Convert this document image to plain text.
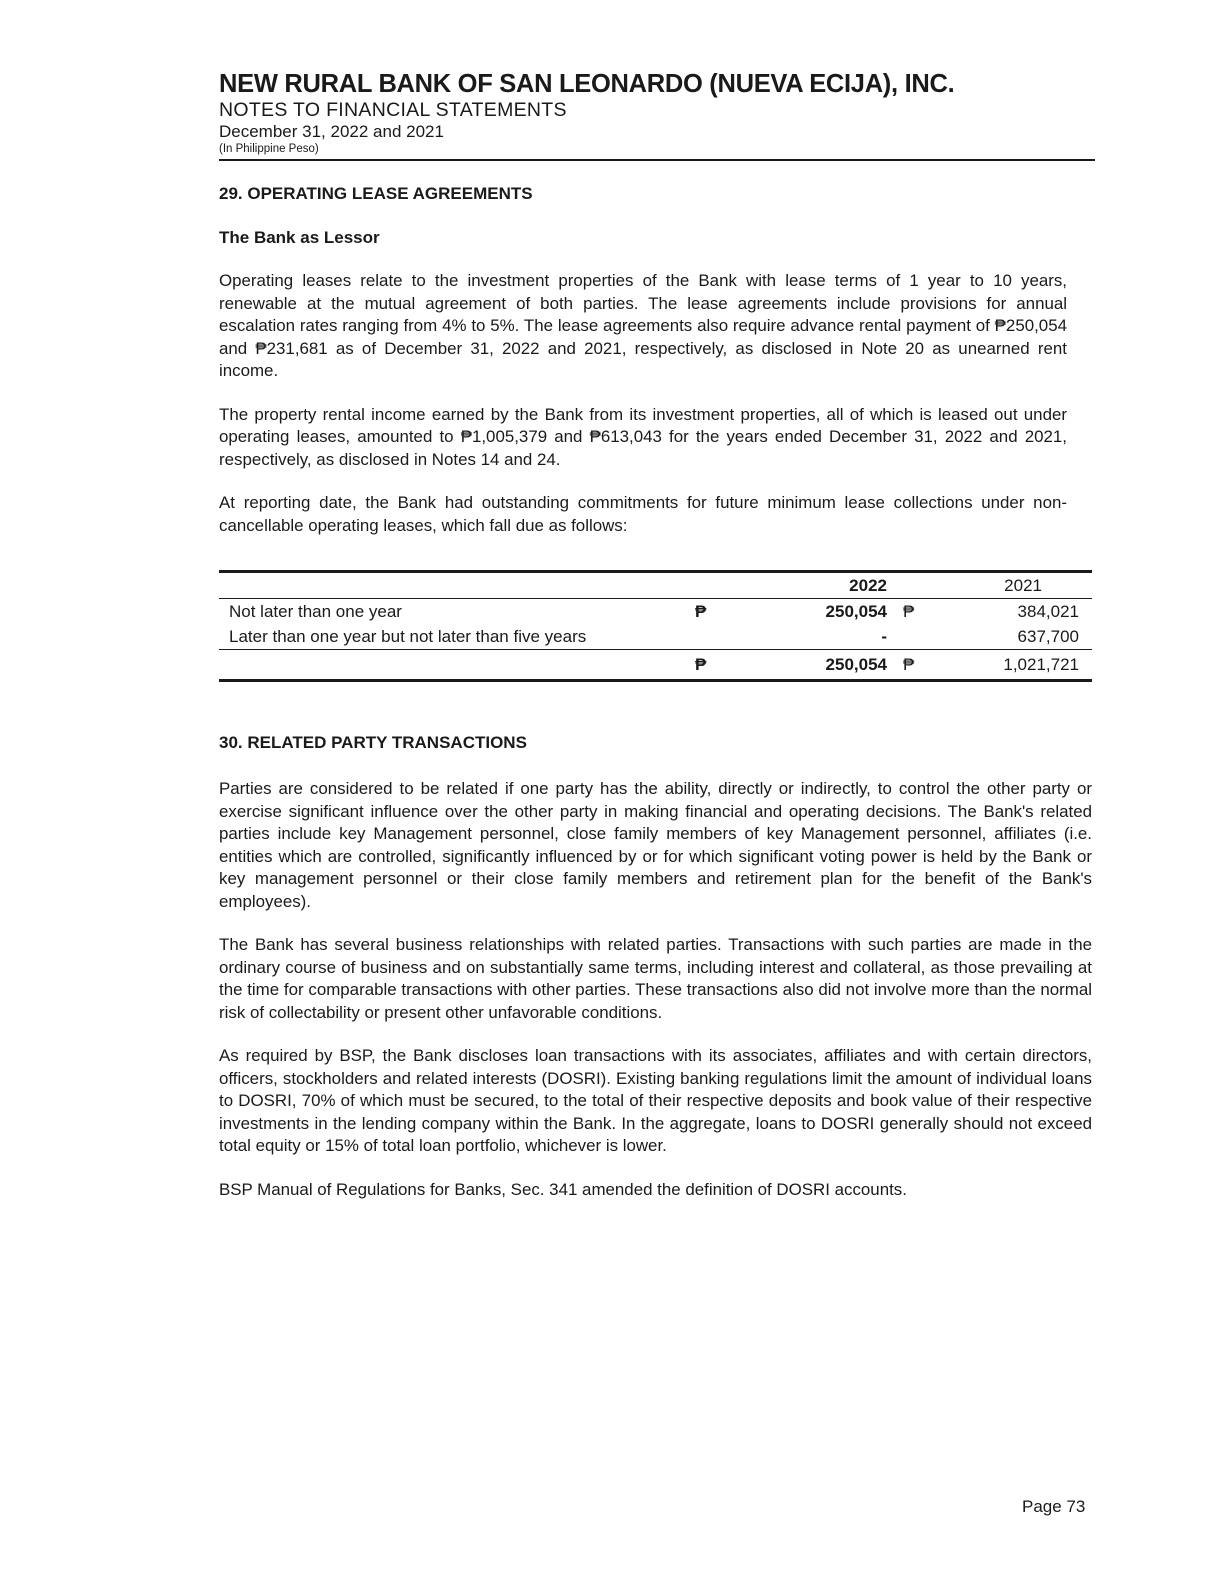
NEW RURAL BANK OF SAN LEONARDO (NUEVA ECIJA), INC.

NOTES TO FINANCIAL STATEMENTS

December 31, 2022 and 2021

(In Philippine Peso)

29. OPERATING LEASE AGREEMENTS

The Bank as Lessor

Operating leases relate to the investment properties of the Bank with lease terms of 1 year to 10 years, renewable at the mutual agreement of both parties. The lease agreements include provisions for annual escalation rates ranging from 4% to 5%. The lease agreements also require advance rental payment of ₱250,054 and ₱231,681 as of December 31, 2022 and 2021, respectively, as disclosed in Note 20 as unearned rent income.

The property rental income earned by the Bank from its investment properties, all of which is leased out under operating leases, amounted to ₱1,005,379 and ₱613,043 for the years ended December 31, 2022 and 2021, respectively, as disclosed in Notes 14 and 24.

At reporting date, the Bank had outstanding commitments for future minimum lease collections under non-cancellable operating leases, which fall due as follows:

		2022		2021
Not later than one year	₱	250,054	₱	384,021
Later than one year but not later than five years		-		637,700
	₱	250,054	₱	1,021,721

30. RELATED PARTY TRANSACTIONS

Parties are considered to be related if one party has the ability, directly or indirectly, to control the other party or exercise significant influence over the other party in making financial and operating decisions. The Bank's related parties include key Management personnel, close family members of key Management personnel, affiliates (i.e. entities which are controlled, significantly influenced by or for which significant voting power is held by the Bank or key management personnel or their close family members and retirement plan for the benefit of the Bank's employees).

The Bank has several business relationships with related parties. Transactions with such parties are made in the ordinary course of business and on substantially same terms, including interest and collateral, as those prevailing at the time for comparable transactions with other parties. These transactions also did not involve more than the normal risk of collectability or present other unfavorable conditions.

As required by BSP, the Bank discloses loan transactions with its associates, affiliates and with certain directors, officers, stockholders and related interests (DOSRI). Existing banking regulations limit the amount of individual loans to DOSRI, 70% of which must be secured, to the total of their respective deposits and book value of their respective investments in the lending company within the Bank. In the aggregate, loans to DOSRI generally should not exceed total equity or 15% of total loan portfolio, whichever is lower.

BSP Manual of Regulations for Banks, Sec. 341 amended the definition of DOSRI accounts.

Page 73
